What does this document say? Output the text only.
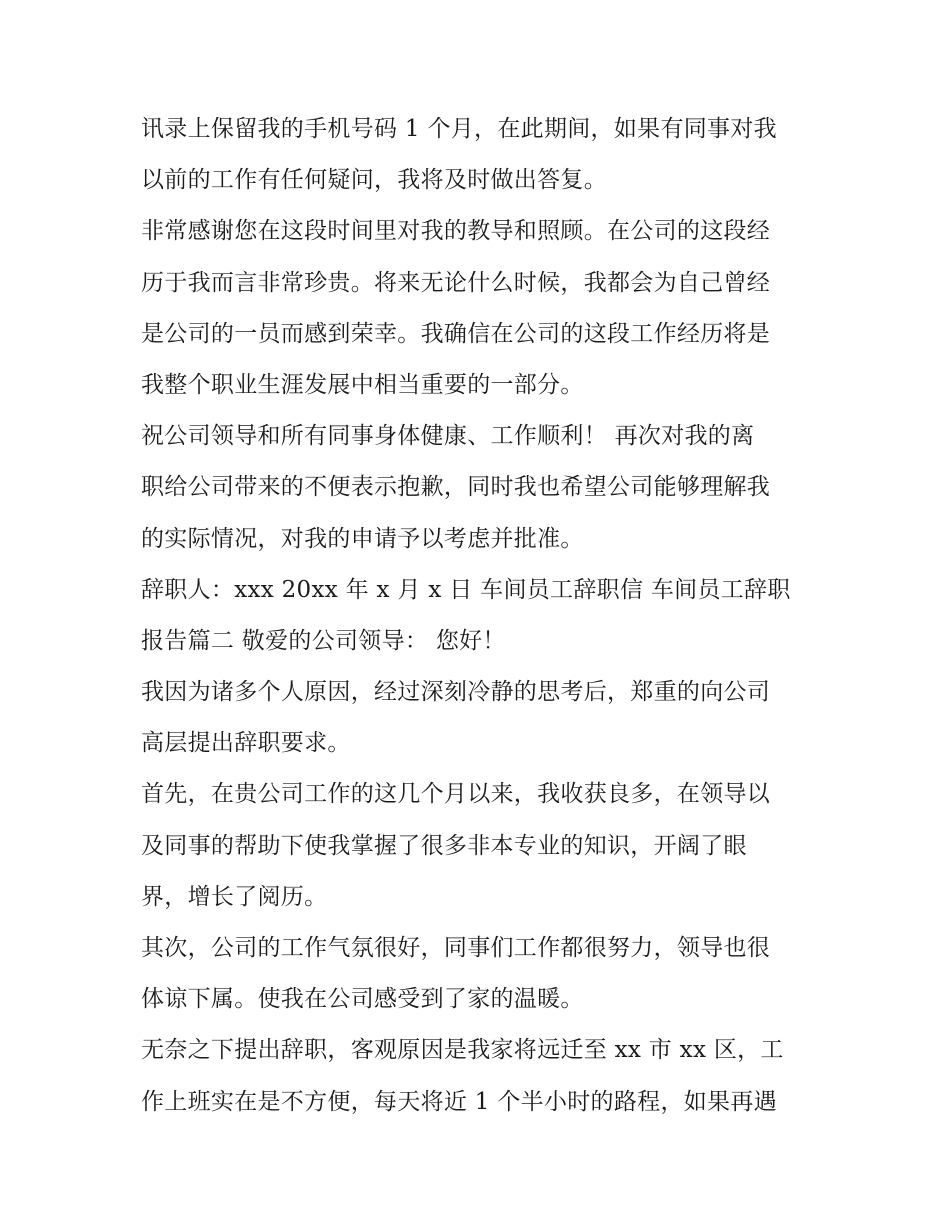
讯录上保留我的手机号码 1 个月，在此期间，如果有同事对我
以前的工作有任何疑问，我将及时做出答复。
非常感谢您在这段时间里对我的教导和照顾。在公司的这段经
历于我而言非常珍贵。将来无论什么时候，我都会为自己曾经
是公司的一员而感到荣幸。我确信在公司的这段工作经历将是
我整个职业生涯发展中相当重要的一部分。
祝公司领导和所有同事身体健康、工作顺利！ 再次对我的离
职给公司带来的不便表示抱歉，同时我也希望公司能够理解我
的实际情况，对我的申请予以考虑并批准。
辞职人：xxx 20xx 年 x 月 x 日 车间员工辞职信 车间员工辞职
报告篇二 敬爱的公司领导： 您好！
我因为诸多个人原因，经过深刻冷静的思考后，郑重的向公司
高层提出辞职要求。
首先，在贵公司工作的这几个月以来，我收获良多，在领导以
及同事的帮助下使我掌握了很多非本专业的知识，开阔了眼
界，增长了阅历。
其次，公司的工作气氛很好，同事们工作都很努力，领导也很
体谅下属。使我在公司感受到了家的温暖。
无奈之下提出辞职，客观原因是我家将远迁至 xx 市 xx 区，工
作上班实在是不方便，每天将近 1 个半小时的路程，如果再遇
